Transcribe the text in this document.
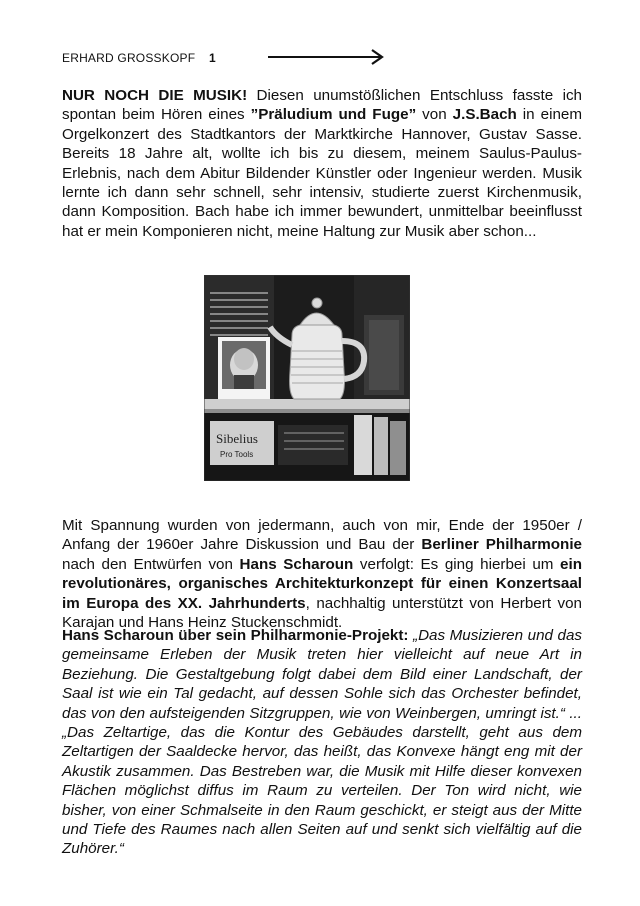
ERHARD GROSSKOPF 1

NUR NOCH DIE MUSIK! Diesen unumstößlichen Entschluss fasste ich spontan beim Hören eines ”Präludium und Fuge” von J.S.Bach in einem Orgelkonzert des Stadtkantors der Marktkirche Hannover, Gustav Sasse. Bereits 18 Jahre alt, wollte ich bis zu diesem, meinem Saulus-Paulus-Erlebnis, nach dem Abitur Bildender Künstler oder Ingenieur werden. Musik lernte ich dann sehr schnell, sehr intensiv, studierte zuerst Kirchenmusik, dann Komposition. Bach habe ich immer bewundert, unmittelbar beeinflusst hat er mein Komponieren nicht, meine Haltung zur Musik aber schon...

Sibelius
Pro Tools

Mit Spannung wurden von jedermann, auch von mir, Ende der 1950er / Anfang der 1960er Jahre Diskussion und Bau der Berliner Philharmonie nach den Entwürfen von Hans Scharoun verfolgt: Es ging hierbei um ein revolutionäres, organisches Architekturkonzept für einen Konzertsaal im Europa des XX. Jahrhunderts, nachhaltig unterstützt von Herbert von Karajan und Hans Heinz Stuckenschmidt.

Hans Scharoun über sein Philharmonie-Projekt: „Das Musizieren und das gemeinsame Erleben der Musik treten hier vielleicht auf neue Art in Beziehung. Die Gestaltgebung folgt dabei dem Bild einer Landschaft, der Saal ist wie ein Tal gedacht, auf dessen Sohle sich das Orchester befindet, das von den aufsteigenden Sitzgruppen, wie von Weinbergen, umringt ist.“ ... „Das Zeltartige, das die Kontur des Gebäudes darstellt, geht aus dem Zeltartigen der Saaldecke hervor, das heißt, das Konvexe hängt eng mit der Akustik zusammen. Das Bestreben war, die Musik mit Hilfe dieser konvexen Flächen möglichst diffus im Raum zu verteilen. Der Ton wird nicht, wie bisher, von einer Schmalseite in den Raum geschickt, er steigt aus der Mitte und Tiefe des Raumes nach allen Seiten auf und senkt sich vielfältig auf die Zuhörer.“
